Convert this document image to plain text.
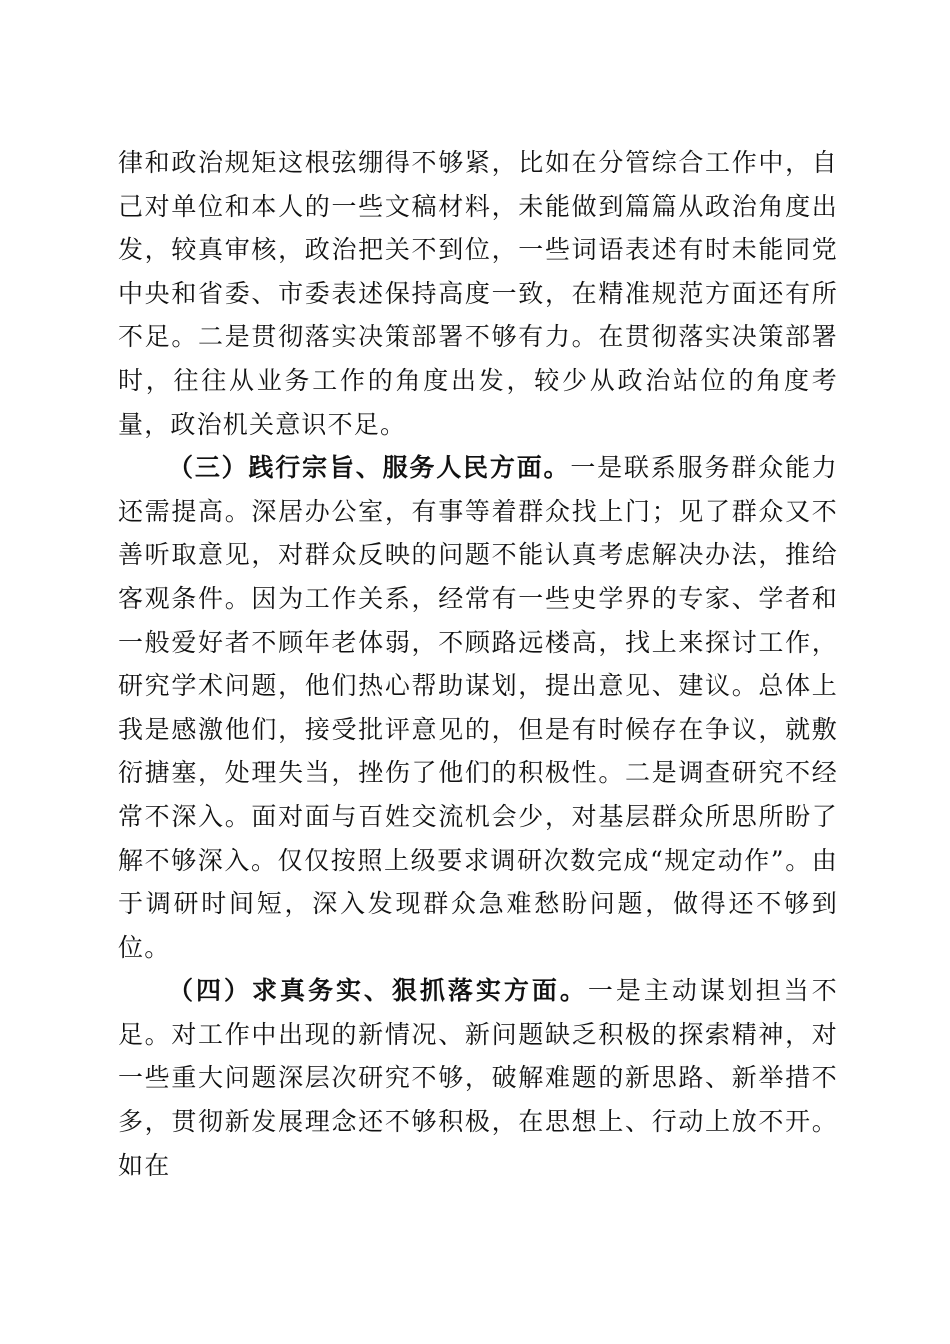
律和政治规矩这根弦绷得不够紧，比如在分管综合工作中，自己对单位和本人的一些文稿材料，未能做到篇篇从政治角度出发，较真审核，政治把关不到位，一些词语表述有时未能同党中央和省委、市委表述保持高度一致，在精准规范方面还有所不足。二是贯彻落实决策部署不够有力。在贯彻落实决策部署时，往往从业务工作的角度出发，较少从政治站位的角度考量，政治机关意识不足。

（三）践行宗旨、服务人民方面。一是联系服务群众能力还需提高。深居办公室，有事等着群众找上门；见了群众又不善听取意见，对群众反映的问题不能认真考虑解决办法，推给客观条件。因为工作关系，经常有一些史学界的专家、学者和一般爱好者不顾年老体弱，不顾路远楼高，找上来探讨工作，研究学术问题，他们热心帮助谋划，提出意见、建议。总体上我是感激他们，接受批评意见的，但是有时候存在争议，就敷衍搪塞，处理失当，挫伤了他们的积极性。二是调查研究不经常不深入。面对面与百姓交流机会少，对基层群众所思所盼了解不够深入。仅仅按照上级要求调研次数完成“规定动作”。由于调研时间短，深入发现群众急难愁盼问题，做得还不够到位。

（四）求真务实、狠抓落实方面。一是主动谋划担当不足。对工作中出现的新情况、新问题缺乏积极的探索精神，对一些重大问题深层次研究不够，破解难题的新思路、新举措不多，贯彻新发展理念还不够积极，在思想上、行动上放不开。如在
